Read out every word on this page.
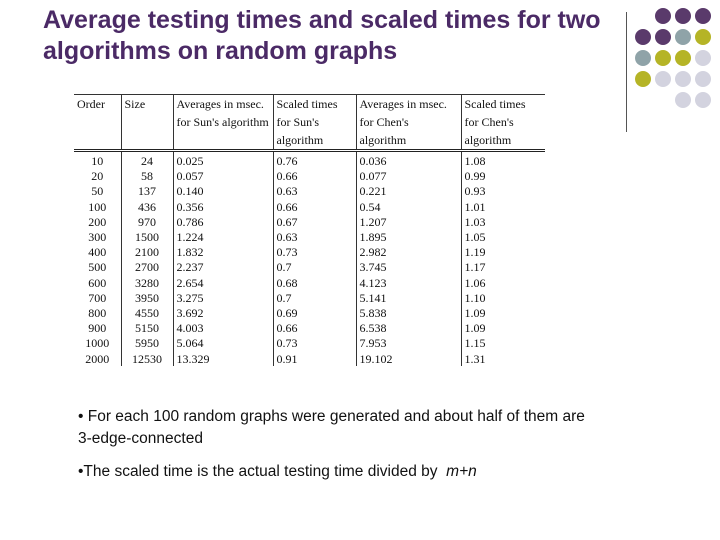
Average testing times and scaled times for two algorithms on random graphs
Order	Size	Averages in msec. for Sun's algorithm	Scaled times for Sun's algorithm	Averages in msec. for Chen's algorithm	Scaled times for Chen's algorithm
10	24	0.025	0.76	0.036	1.08
20	58	0.057	0.66	0.077	0.99
50	137	0.140	0.63	0.221	0.93
100	436	0.356	0.66	0.54	1.01
200	970	0.786	0.67	1.207	1.03
300	1500	1.224	0.63	1.895	1.05
400	2100	1.832	0.73	2.982	1.19
500	2700	2.237	0.7	3.745	1.17
600	3280	2.654	0.68	4.123	1.06
700	3950	3.275	0.7	5.141	1.10
800	4550	3.692	0.69	5.838	1.09
900	5150	4.003	0.66	6.538	1.09
1000	5950	5.064	0.73	7.953	1.15
2000	12530	13.329	0.91	19.102	1.31
• For each 100 random graphs were generated and about half of them are 3-edge-connected
•The scaled time is the actual testing time divided by m+n
